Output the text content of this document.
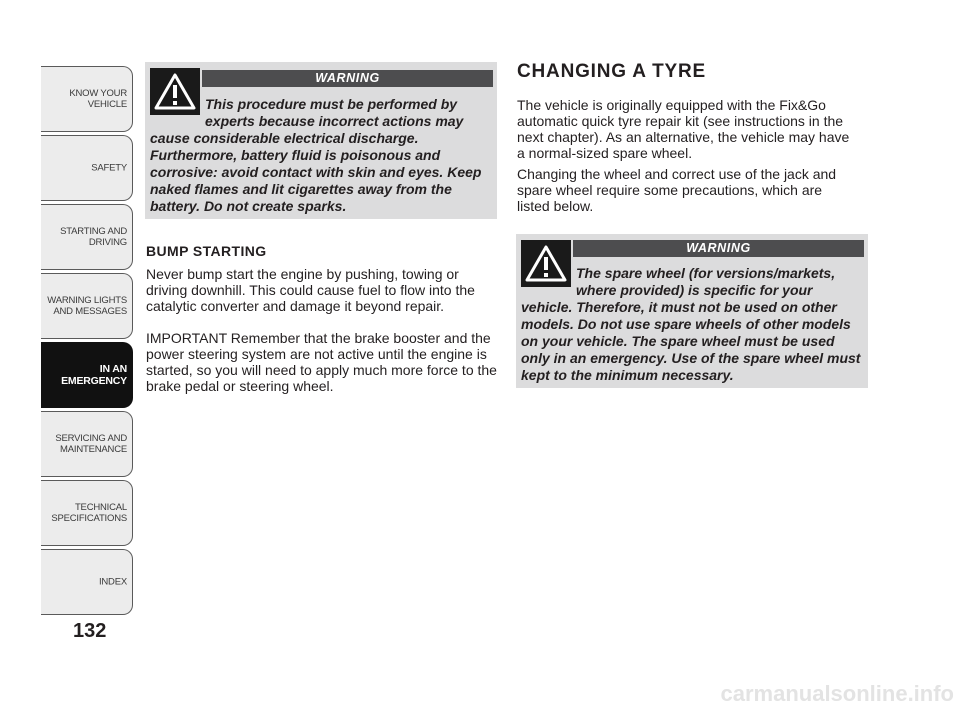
KNOW YOUR
VEHICLE
SAFETY
STARTING AND
DRIVING
WARNING LIGHTS
AND MESSAGES
IN AN
EMERGENCY
SERVICING AND
MAINTENANCE
TECHNICAL
SPECIFICATIONS
INDEX
132
WARNING
This procedure must be performed by experts because incorrect actions may
cause considerable electrical discharge. Furthermore, battery fluid is poisonous and corrosive: avoid contact with skin and eyes. Keep naked flames and lit cigarettes away from the battery. Do not create sparks.
BUMP STARTING
Never bump start the engine by pushing, towing or driving downhill. This could cause fuel to flow into the catalytic converter and damage it beyond repair.
IMPORTANT Remember that the brake booster and the power steering system are not active until the engine is started, so you will need to apply much more force to the brake pedal or steering wheel.
CHANGING A TYRE
The vehicle is originally equipped with the Fix&Go automatic quick tyre repair kit (see instructions in the next chapter). As an alternative, the vehicle may have a normal-sized spare wheel.
Changing the wheel and correct use of the jack and spare wheel require some precautions, which are listed below.
WARNING
The spare wheel (for versions/markets, where provided) is specific for your
vehicle. Therefore, it must not be used on other models. Do not use spare wheels of other models on your vehicle. The spare wheel must be used only in an emergency. Use of the spare wheel must kept to the minimum necessary.
carmanualsonline.info
